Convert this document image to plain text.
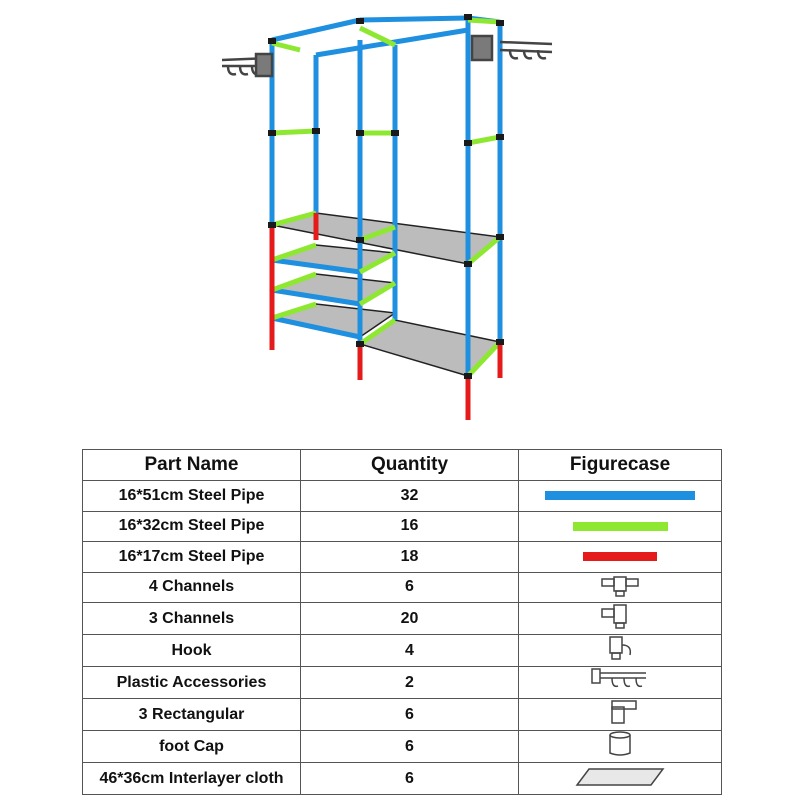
Part Name	Quantity	Figurecase
16*51cm Steel Pipe	32	
16*32cm Steel Pipe	16	
16*17cm Steel Pipe	18	
4 Channels	6	
3 Channels	20	
Hook	4	
Plastic Accessories	2	
3 Rectangular	6	
foot Cap	6	
46*36cm Interlayer cloth	6	
